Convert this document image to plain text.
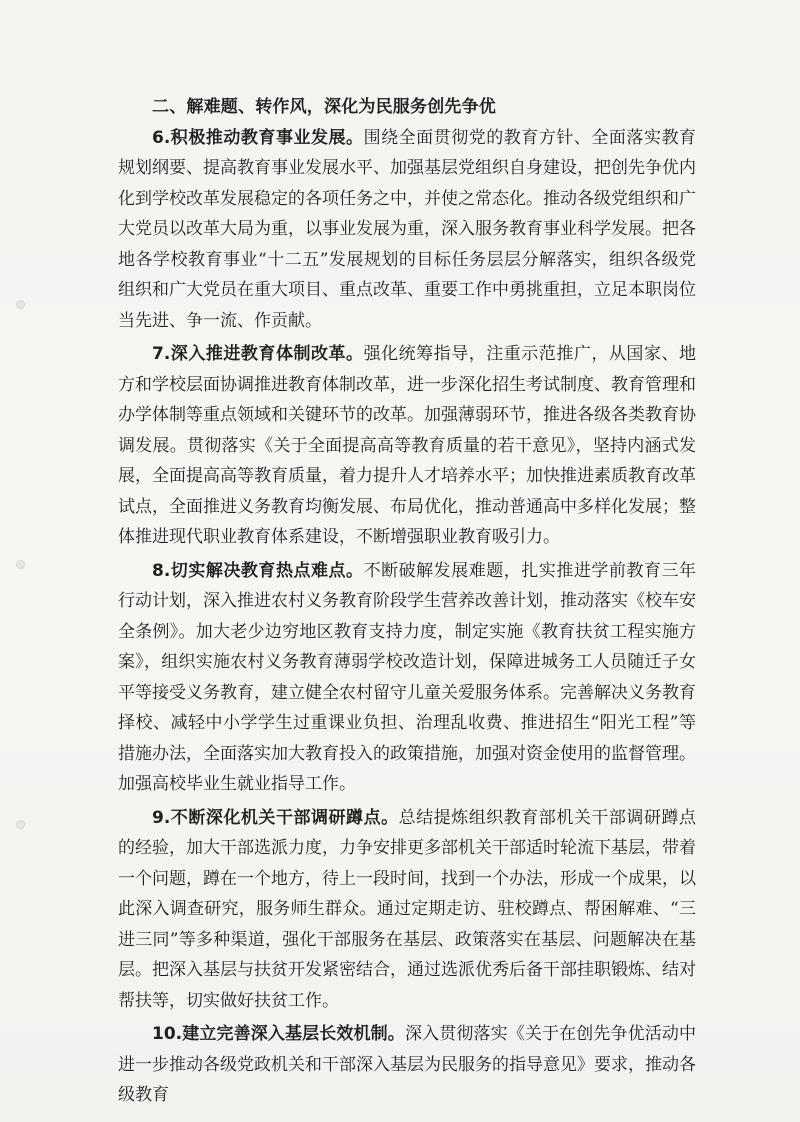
二、解难题、转作风，深化为民服务创先争优

6.积极推动教育事业发展。围绕全面贯彻党的教育方针、全面落实教育规划纲要、提高教育事业发展水平、加强基层党组织自身建设，把创先争优内化到学校改革发展稳定的各项任务之中，并使之常态化。推动各级党组织和广大党员以改革大局为重，以事业发展为重，深入服务教育事业科学发展。把各地各学校教育事业“十二五”发展规划的目标任务层层分解落实，组织各级党组织和广大党员在重大项目、重点改革、重要工作中勇挑重担，立足本职岗位当先进、争一流、作贡献。

7.深入推进教育体制改革。强化统筹指导，注重示范推广，从国家、地方和学校层面协调推进教育体制改革，进一步深化招生考试制度、教育管理和办学体制等重点领域和关键环节的改革。加强薄弱环节，推进各级各类教育协调发展。贯彻落实《关于全面提高高等教育质量的若干意见》，坚持内涵式发展，全面提高高等教育质量，着力提升人才培养水平；加快推进素质教育改革试点，全面推进义务教育均衡发展、布局优化，推动普通高中多样化发展；整体推进现代职业教育体系建设，不断增强职业教育吸引力。

8.切实解决教育热点难点。不断破解发展难题，扎实推进学前教育三年行动计划，深入推进农村义务教育阶段学生营养改善计划，推动落实《校车安全条例》。加大老少边穷地区教育支持力度，制定实施《教育扶贫工程实施方案》，组织实施农村义务教育薄弱学校改造计划，保障进城务工人员随迁子女平等接受义务教育，建立健全农村留守儿童关爱服务体系。完善解决义务教育择校、减轻中小学学生过重课业负担、治理乱收费、推进招生“阳光工程”等措施办法，全面落实加大教育投入的政策措施，加强对资金使用的监督管理。加强高校毕业生就业指导工作。

9.不断深化机关干部调研蹲点。总结提炼组织教育部机关干部调研蹲点的经验，加大干部选派力度，力争安排更多部机关干部适时轮流下基层，带着一个问题，蹲在一个地方，待上一段时间，找到一个办法，形成一个成果，以此深入调查研究，服务师生群众。通过定期走访、驻校蹲点、帮困解难、“三进三同”等多种渠道，强化干部服务在基层、政策落实在基层、问题解决在基层。把深入基层与扶贫开发紧密结合，通过选派优秀后备干部挂职锻炼、结对帮扶等，切实做好扶贫工作。

10.建立完善深入基层长效机制。深入贯彻落实《关于在创先争优活动中进一步推动各级党政机关和干部深入基层为民服务的指导意见》要求，推动各级教育
